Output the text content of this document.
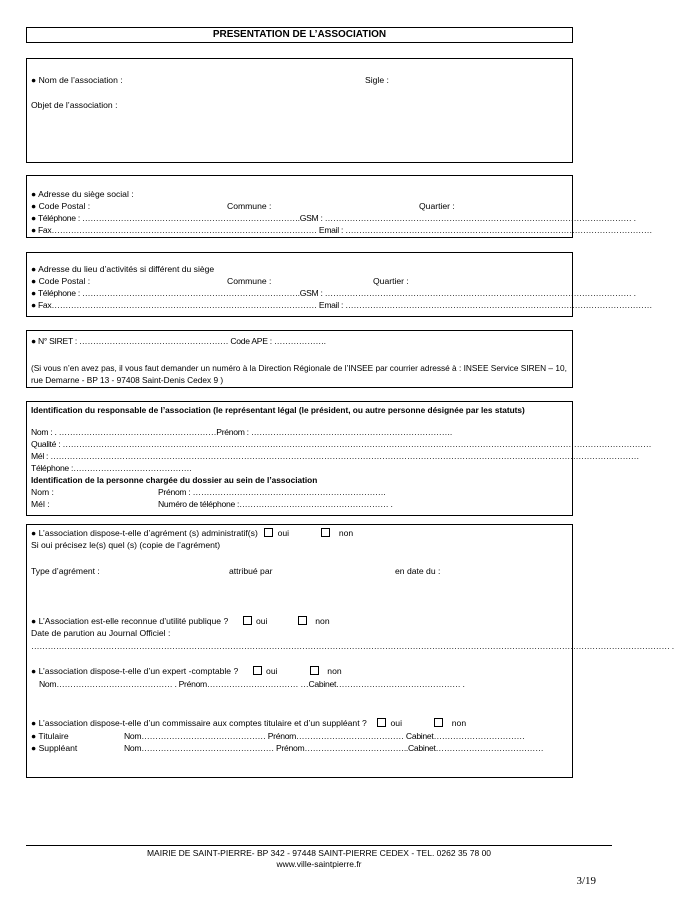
PRESENTATION DE L’ASSOCIATION
● Nom de l’association :	Sigle :
Objet de l’association :
● Adresse du siège social :
● Code Postal :	Commune :	Quartier :
● Téléphone : …………………………………………………………………….GSM : ………………………………………………………………………………………………… .
● Fax…………………………………………………………………………………… Email : …………………………………………………………………………………………………
● Adresse du lieu d’activités si différent du siège
● Code Postal :	Commune :	Quartier :
● Téléphone : …………………………………………………………………….GSM : ………………………………………………………………………………………………… .
● Fax…………………………………………………………………………………… Email : …………………………………………………………………………………………………
● N° SIRET : ……………………………………………… Code APE : ……………….
(Si vous n’en avez pas, il vous faut demander un numéro à la Direction Régionale de l’INSEE par courrier adressé à : INSEE Service SIREN – 10, rue Demarne - BP 13 - 97408 Saint-Denis Cedex 9 )
Identification du responsable de l’association (le représentant légal (le président, ou autre personne désignée par les statuts)
Nom : . …………………………………………………Prénom : ……………………………………………………………….
Qualité : ……………………………………………………………………………………………………………………………………………………………………………………………
Mél : ……………………………………………………………………………………………………………………………………………………………………………………………
Téléphone :…………………………………….
Identification de la personne chargée du dossier au sein de l’association
Nom :	Prénom : …………………………………………………………….
Mél :	Numéro de téléphone :……………………………………………… .
● L’association dispose-t-elle d’agrément (s) administratif(s) oui	non
Si oui précisez le(s) quel (s) (copie de l’agrément)
Type d’agrément :	attribué par	en date du :
● L’Association est-elle reconnue d’utilité publique ?	oui	non
Date de parution au Journal Officiel :
…………………………………………………………………………………………………………………………………………………………………………………………………………… .
● L’association dispose-t-elle d’un expert -comptable ?	oui	non
Nom…………………………………… . Prénom…………………………… …Cabinet……………………………………… .
● L’association dispose-t-elle d’un commissaire aux comptes titulaire et d’un suppléant ?	oui	non
● Titulaire	Nom……………………………………… Prénom………………………………… Cabinet……………………………
● Suppléant	Nom………………………………………… Prénom………………………………..Cabinet…………………………………
MAIRIE DE SAINT-PIERRE- BP 342 - 97448 SAINT-PIERRE CEDEX - TEL. 0262 35 78 00
www.ville-saintpierre.fr
3/19
